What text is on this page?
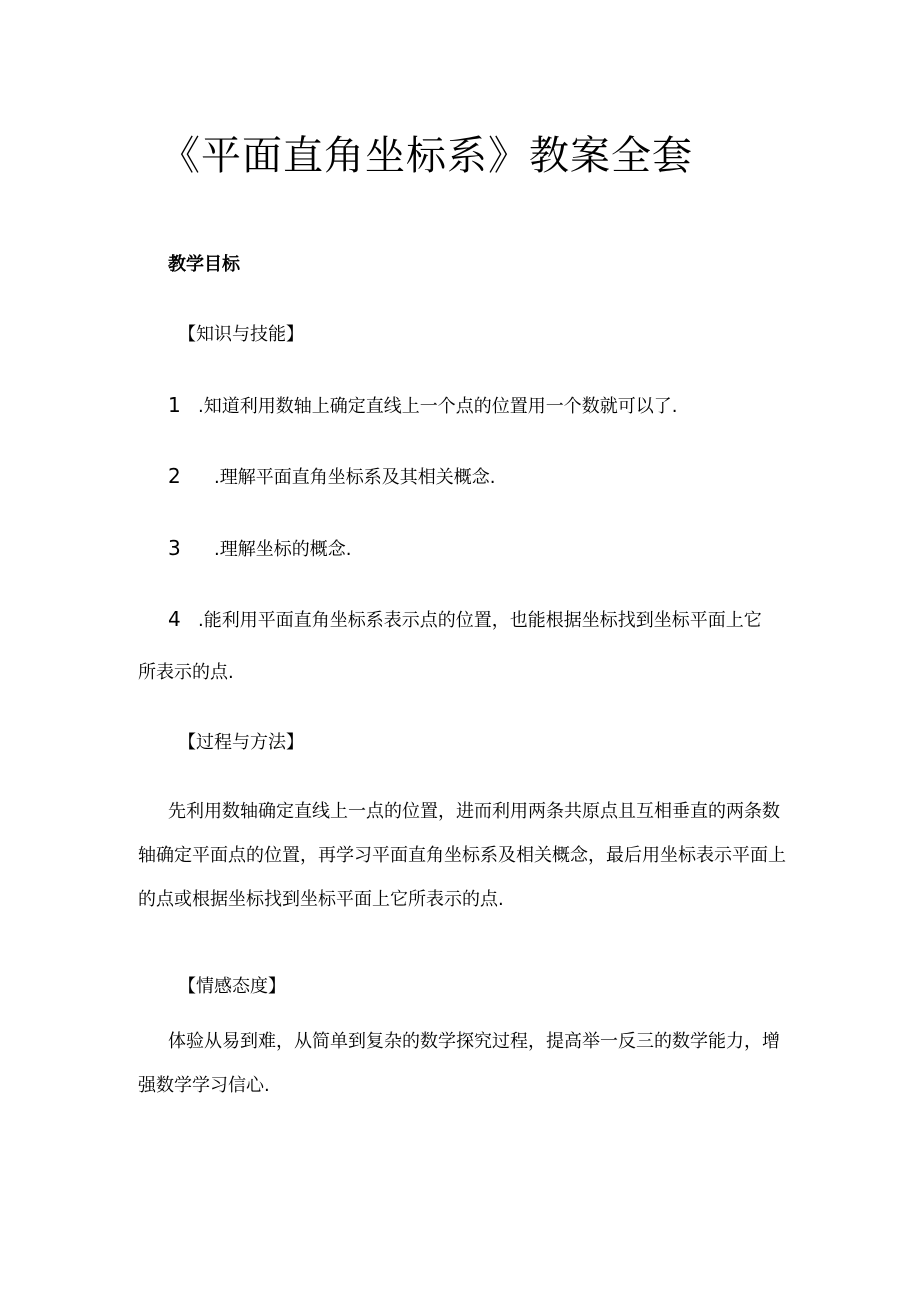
《平面直角坐标系》教案全套
教学目标

【知识与技能】

1 .知道利用数轴上确定直线上一个点的位置用一个数就可以了.

2 .理解平面直角坐标系及其相关概念.

3 .理解坐标的概念.

4 .能利用平面直角坐标系表示点的位置，也能根据坐标找到坐标平面上它

所表示的点.

【过程与方法】

先利用数轴确定直线上一点的位置，进而利用两条共原点且互相垂直的两条数轴确定平面点的位置，再学习平面直角坐标系及相关概念，最后用坐标表示平面上的点或根据坐标找到坐标平面上它所表示的点.

【情感态度】

体验从易到难，从简单到复杂的数学探究过程，提高举一反三的数学能力，增强数学学习信心.
